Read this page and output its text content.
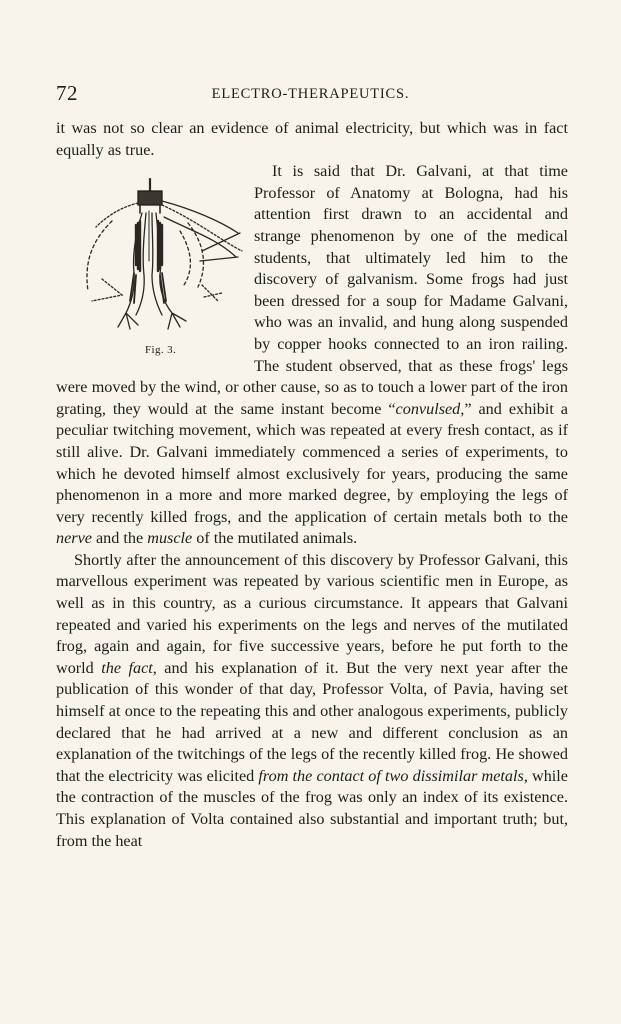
72	ELECTRO-THERAPEUTICS.

it was not so clear an evidence of animal electricity, but which was in fact equally as true.

Fig. 3.
It is said that Dr. Galvani, at that time Professor of Anatomy at Bologna, had his attention first drawn to an accidental and strange phenomenon by one of the medical students, that ultimately led him to the discovery of galvanism. Some frogs had just been dressed for a soup for Madame Galvani, who was an invalid, and hung along suspended by copper hooks connected to an iron railing. The student observed, that as these frogs' legs were moved by the wind, or other cause, so as to touch a lower part of the iron grating, they would at the same instant become “convulsed,” and exhibit a peculiar twitching movement, which was repeated at every fresh contact, as if still alive. Dr. Galvani immediately commenced a series of experiments, to which he devoted himself almost exclusively for years, producing the same phenomenon in a more and more marked degree, by employing the legs of very recently killed frogs, and the application of certain metals both to the nerve and the muscle of the mutilated animals.

Shortly after the announcement of this discovery by Professor Galvani, this marvellous experiment was repeated by various scientific men in Europe, as well as in this country, as a curious circumstance. It appears that Galvani repeated and varied his experiments on the legs and nerves of the mutilated frog, again and again, for five successive years, before he put forth to the world the fact, and his explanation of it. But the very next year after the publication of this wonder of that day, Professor Volta, of Pavia, having set himself at once to the repeating this and other analogous experiments, publicly declared that he had arrived at a new and different conclusion as an explanation of the twitchings of the legs of the recently killed frog. He showed that the electricity was elicited from the contact of two dissimilar metals, while the contraction of the muscles of the frog was only an index of its existence. This explanation of Volta contained also substantial and important truth; but, from the heat
